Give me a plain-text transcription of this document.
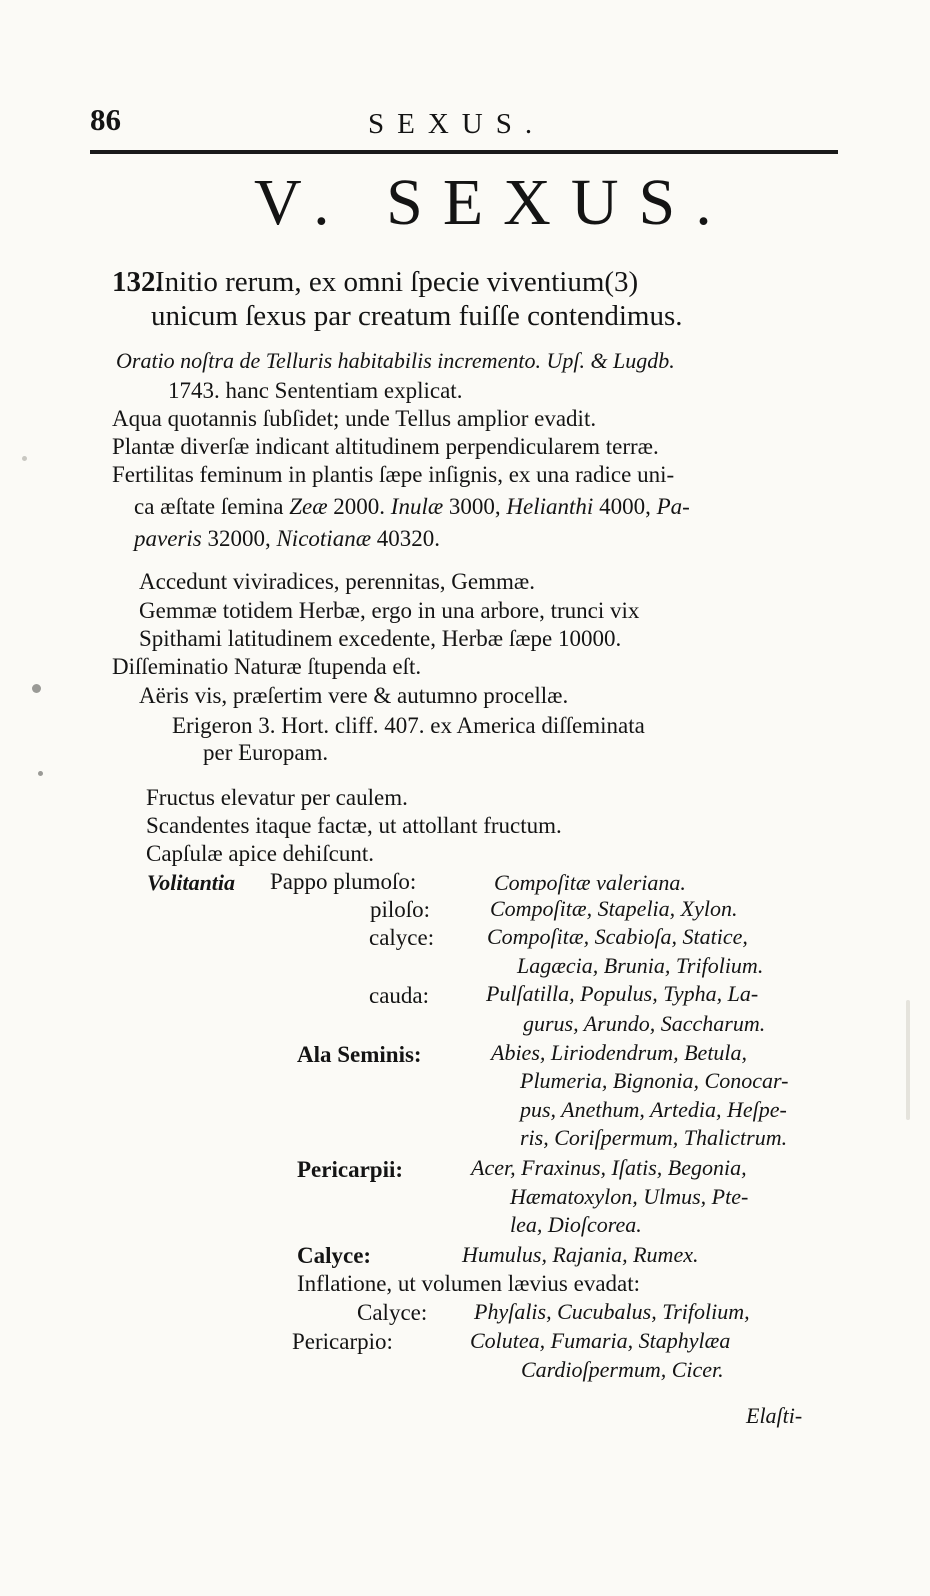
86	SEXUS.
V. SEXUS.
132.
Initio rerum, ex omni ſpecie viventium(3)
unicum ſexus par creatum fuiſſe contendimus.
Oratio noſtra de Telluris habitabilis incremento. Upſ. & Lugdb.
1743. hanc Sententiam explicat.
Aqua quotannis ſubſidet; unde Tellus amplior evadit.
Plantæ diverſæ indicant altitudinem perpendicularem terræ.
Fertilitas feminum in plantis ſæpe inſignis, ex una radice uni-
ca æſtate ſemina Zeæ 2000. Inulæ 3000, Helianthi 4000, Pa-
paveris 32000, Nicotianæ 40320.
Accedunt viviradices, perennitas, Gemmæ.
Gemmæ totidem Herbæ, ergo in una arbore, trunci vix
Spithami latitudinem excedente, Herbæ ſæpe 10000.
Diſſeminatio Naturæ ſtupenda eſt.
Aëris vis, præſertim vere & autumno procellæ.
Erigeron 3. Hort. cliff. 407. ex America diſſeminata
per Europam.
Fructus elevatur per caulem.
Scandentes itaque factæ, ut attollant fructum.
Capſulæ apice dehiſcunt.
Volitantia Pappo plumoſo:	Compoſitæ valeriana.
piloſo:	Compoſitæ, Stapelia, Xylon.
calyce: Compoſitæ, Scabioſa, Statice,
Lagæcia, Brunia, Trifolium.
cauda:	Pulſatilla, Populus, Typha, La-
gurus, Arundo, Saccharum.
Ala Seminis:	Abies, Liriodendrum, Betula,
Plumeria, Bignonia, Conocar-
pus, Anethum, Artedia, Heſpe-
ris, Coriſpermum, Thalictrum.
Pericarpii:	Acer, Fraxinus, Iſatis, Begonia,
Hæmatoxylon, Ulmus, Pte-
lea, Dioſcorea.
Calyce:	Humulus, Rajania, Rumex.
Inflatione, ut volumen lævius evadat:
Calyce: Phyſalis, Cucubalus, Trifolium,
Pericarpio:	Colutea, Fumaria, Staphylæa
Cardioſpermum, Cicer.
Elaſti-
